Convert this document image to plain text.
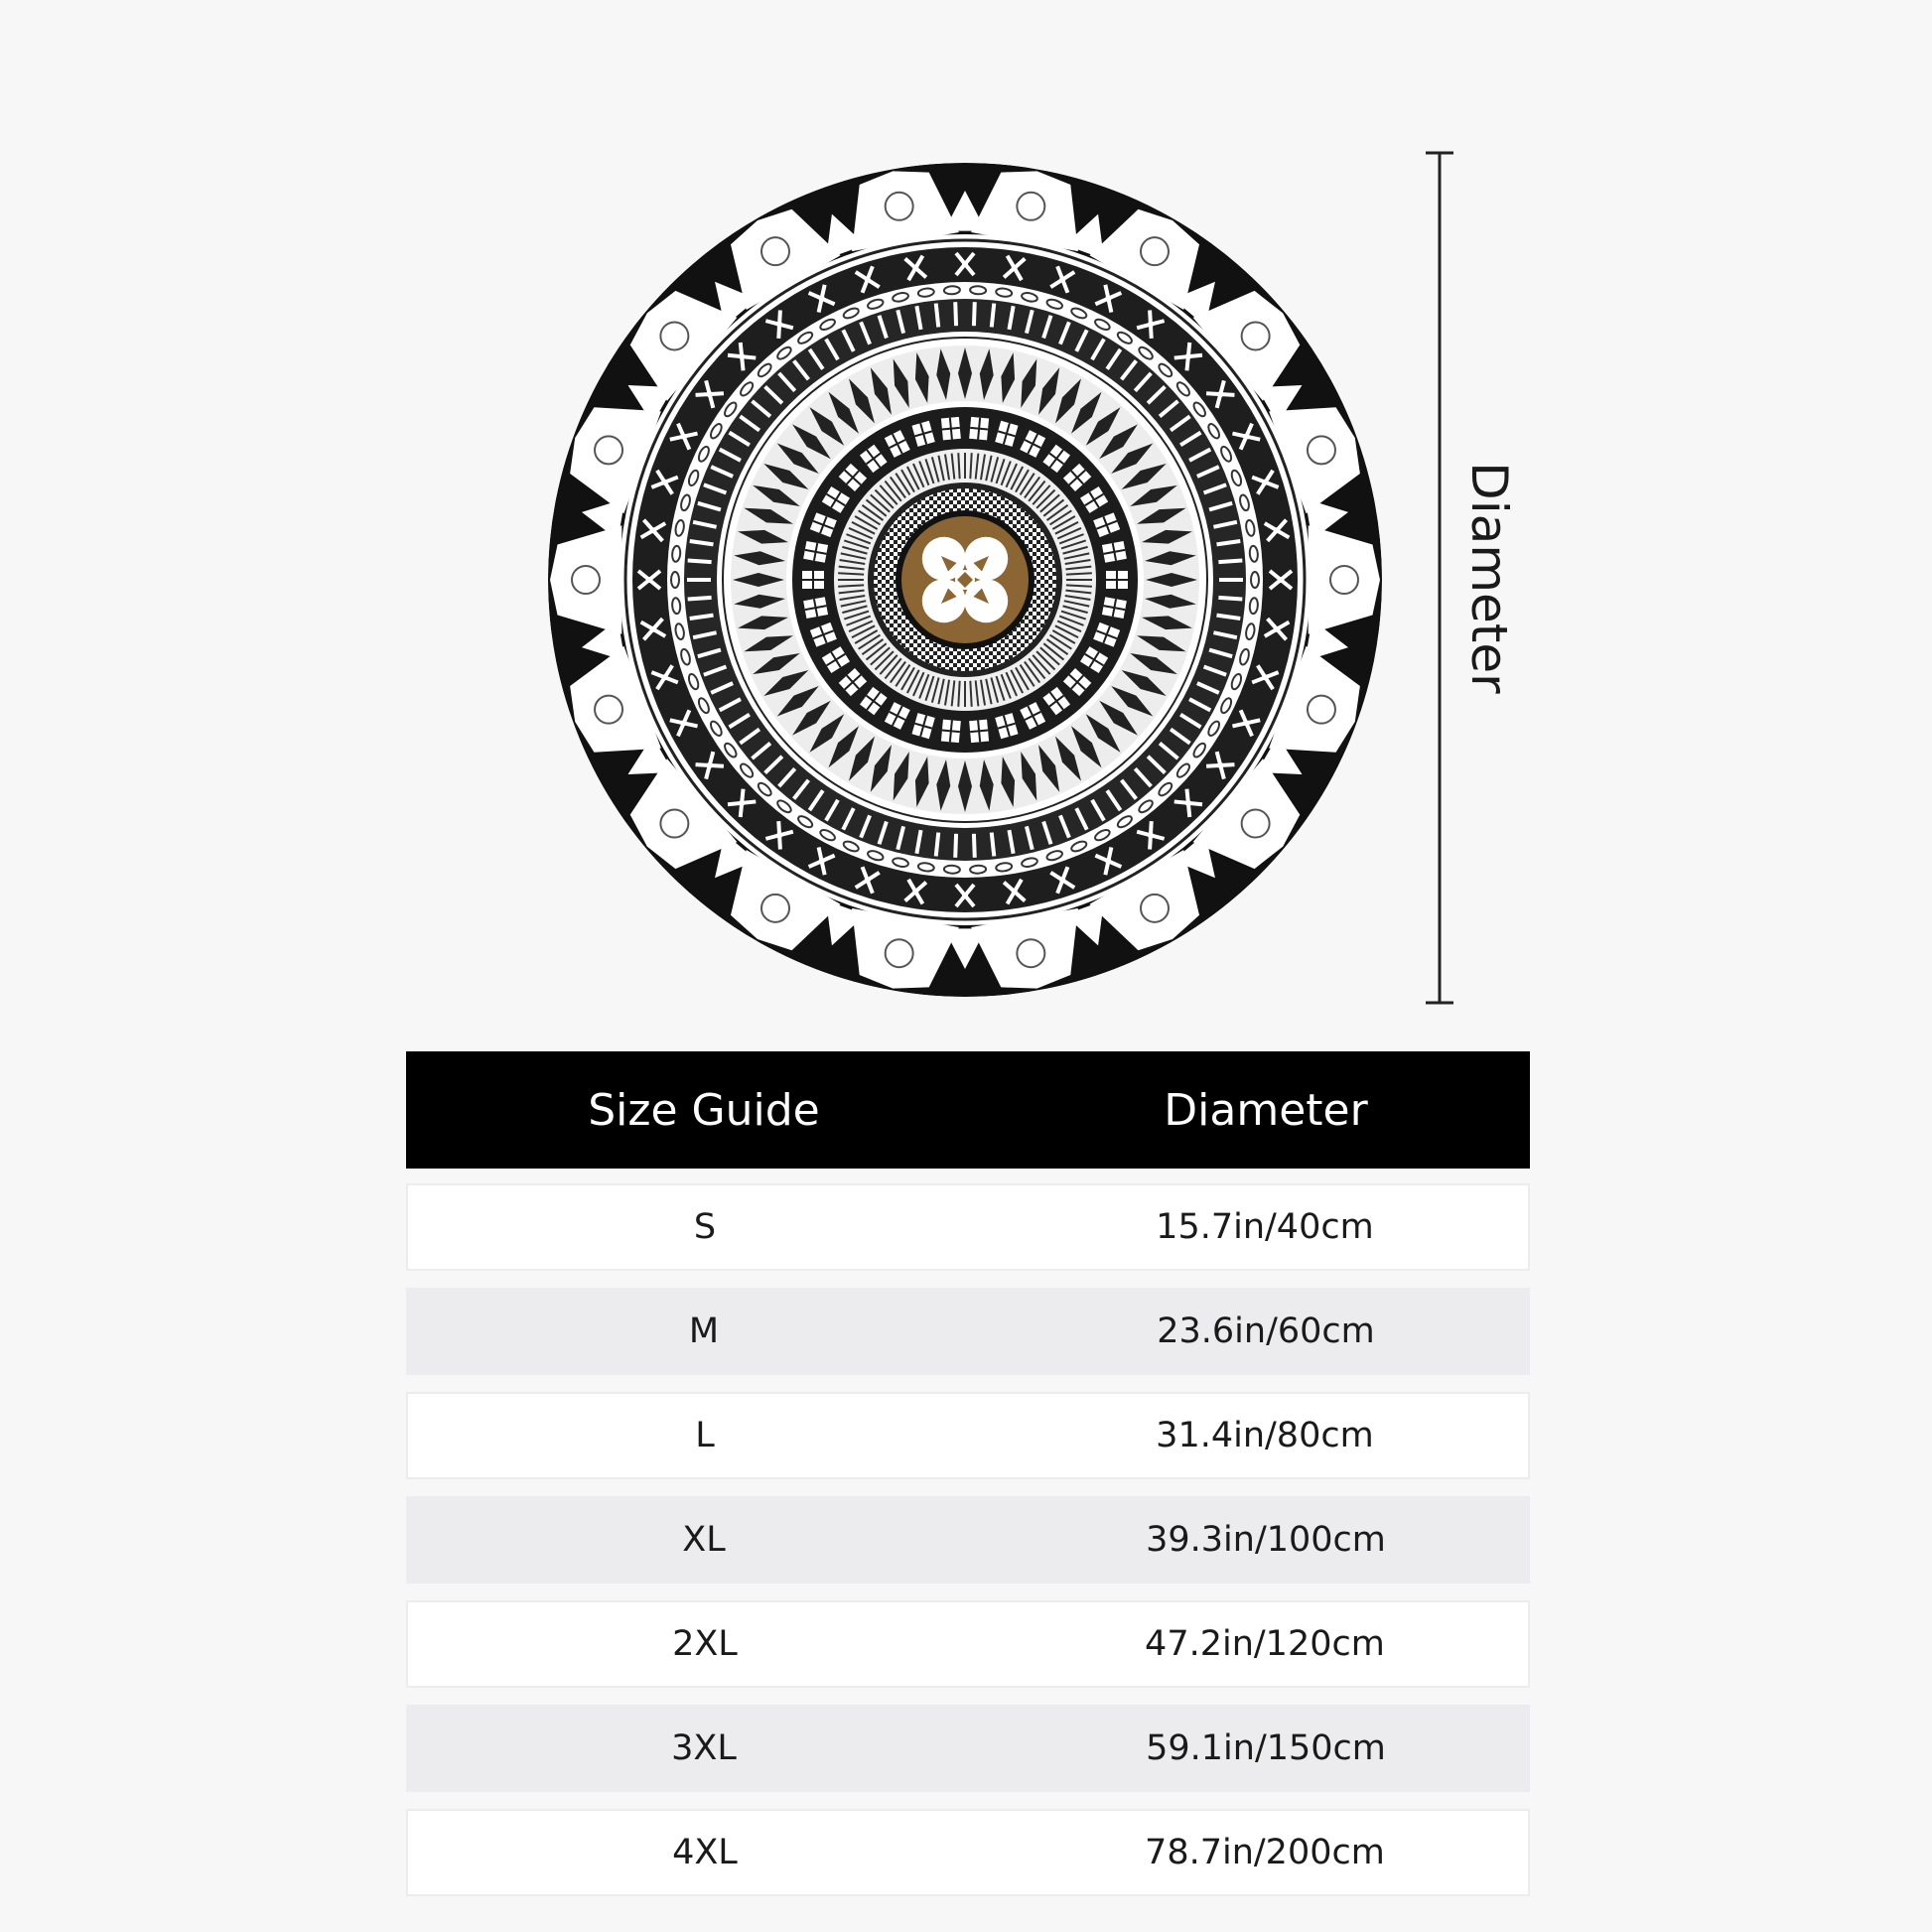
Diameter
Size Guide	Diameter
S	15.7in/40cm
M	23.6in/60cm
L	31.4in/80cm
XL	39.3in/100cm
2XL	47.2in/120cm
3XL	59.1in/150cm
4XL	78.7in/200cm
